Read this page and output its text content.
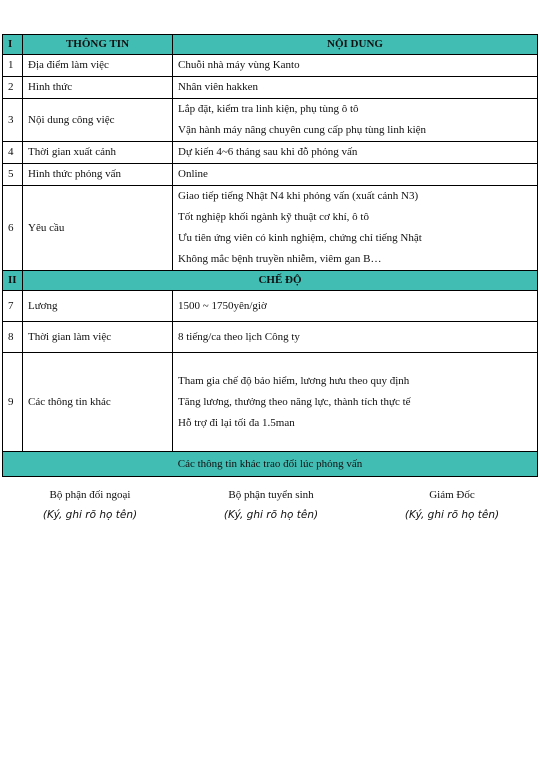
I	THÔNG TIN	NỘI DUNG
1	Địa điểm làm việc	Chuỗi nhà máy vùng Kanto

2	Hình thức	Nhân viên hakken

3	Nội dung công việc	Lắp đặt, kiểm tra linh kiện, phụ tùng ô tô
Vận hành máy nâng chuyên cung cấp phụ tùng linh kiện

4	Thời gian xuất cảnh	Dự kiến 4~6 tháng sau khi đỗ phỏng vấn

5	Hình thức phỏng vấn	Online

6	Yêu cầu	Giao tiếp tiếng Nhật N4 khi phỏng vấn (xuất cảnh N3)
Tốt nghiệp khối ngành kỹ thuật cơ khí, ô tô
Ưu tiên ứng viên có kinh nghiệm, chứng chỉ tiếng Nhật
Không mắc bệnh truyền nhiễm, viêm gan B…

II	CHẾ ĐỘ	
7	Lương	1500 ~ 1750yên/giờ

8	Thời gian làm việc	8 tiếng/ca theo lịch Công ty

9	Các thông tin khác	Tham gia chế độ bảo hiểm, lương hưu theo quy định
Tăng lương, thưởng theo năng lực, thành tích thực tế
Hỗ trợ đi lại tối đa 1.5man

Các thông tin khác trao đổi lúc phỏng vấn		
Bộ phận đối ngoại
(Ký, ghi rõ họ tên)
Bộ phận tuyển sinh
(Ký, ghi rõ họ tên)
Giám Đốc
(Ký, ghi rõ họ tên)
